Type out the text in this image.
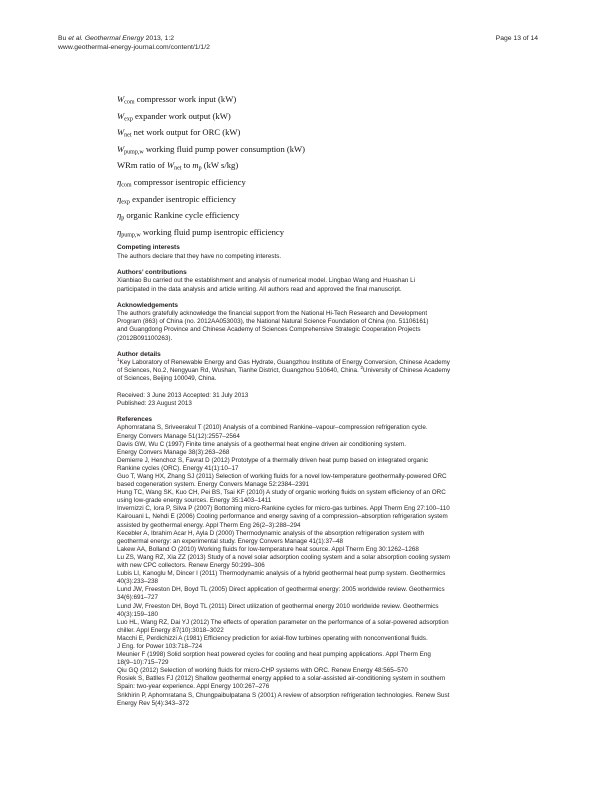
Bu et al. Geothermal Energy 2013, 1:2
www.geothermal-energy-journal.com/content/1/1/2
Page 13 of 14
$W_{com}$ compressor work input (kW)
$W_{exp}$ expander work output (kW)
$W_{net}$ net work output for ORC (kW)
$W_{pump,w}$ working fluid pump power consumption (kW)
WRm ratio of $W_{net}$ to $m_p$ (kW s/kg)
$\eta_{com}$ compressor isentropic efficiency
$\eta_{exp}$ expander isentropic efficiency
$\eta_p$ organic Rankine cycle efficiency
$\eta_{pump,w}$ working fluid pump isentropic efficiency
Competing interests

The authors declare that they have no competing interests.

Authors’ contributions

Xianbiao Bu carried out the establishment and analysis of numerical model. Lingbao Wang and Huashan Li

participated in the data analysis and article writing. All authors read and approved the final manuscript.

Acknowledgements

The authors gratefully acknowledge the financial support from the National Hi-Tech Research and Development

Program (863) of China (no. 2012AA053003), the National Natural Science Foundation of China (no. 51106161)

and Guangdong Province and Chinese Academy of Sciences Comprehensive Strategic Cooperation Projects

(2012B091100263).

Author details

$^1$Key Laboratory of Renewable Energy and Gas Hydrate, Guangzhou Institute of Energy Conversion, Chinese Academy

of Sciences, No.2, Nengyuan Rd, Wushan, Tianhe District, Guangzhou 510640, China. $^2$University of Chinese Academy

of Sciences, Beijing 100049, China.

Received: 3 June 2013 Accepted: 31 July 2013

Published: 23 August 2013

References
Aphornratana S, Sriveerakul T (2010) Analysis of a combined Rankine–vapour–compression refrigeration cycle.
Energy Convers Manage 51(12):2557–2564
Davis GW, Wu C (1997) Finite time analysis of a geothermal heat engine driven air conditioning system.
Energy Convers Manage 38(3):263–268
Demierre J, Henchoz S, Favrat D (2012) Prototype of a thermally driven heat pump based on integrated organic
Rankine cycles (ORC). Energy 41(1):10–17
Guo T, Wang HX, Zhang SJ (2011) Selection of working fluids for a novel low-temperature geothermally-powered ORC
based cogeneration system. Energy Convers Manage 52:2384–2391
Hung TC, Wang SK, Kuo CH, Pei BS, Tsai KF (2010) A study of organic working fluids on system efficiency of an ORC
using low-grade energy sources. Energy 35:1403–1411
Invernizzi C, Iora P, Silva P (2007) Bottoming micro-Rankine cycles for micro-gas turbines. Appl Therm Eng 27:100–110
Kairouani L, Nehdi E (2006) Cooling performance and energy saving of a compression–absorption refrigeration system
assisted by geothermal energy. Appl Therm Eng 26(2–3):288–294
Kecebler A, Ibrahim Acar H, Ayla D (2000) Thermodynamic analysis of the absorption refrigeration system with
geothermal energy: an experimental study. Energy Convers Manage 41(1):37–48
Lakew AA, Bolland O (2010) Working fluids for low-temperature heat source. Appl Therm Eng 30:1262–1268
Lu ZS, Wang RZ, Xia ZZ (2013) Study of a novel solar adsorption cooling system and a solar absorption cooling system
with new CPC collectors. Renew Energy 50:299–306
Lubis LI, Kanoglu M, Dincer I (2011) Thermodynamic analysis of a hybrid geothermal heat pump system. Geothermics
40(3):233–238
Lund JW, Freeston DH, Boyd TL (2005) Direct application of geothermal energy: 2005 worldwide review. Geothermics
34(6):691–727
Lund JW, Freeston DH, Boyd TL (2011) Direct utilization of geothermal energy 2010 worldwide review. Geothermics
40(3):159–180
Luo HL, Wang RZ, Dai YJ (2012) The effects of operation parameter on the performance of a solar-powered adsorption
chiller. Appl Energy 87(10):3018–3022
Macchi E, Perdichizzi A (1981) Efficiency prediction for axial-flow turbines operating with nonconventional fluids.
J Eng. for Power 103:718–724
Meunier F (1998) Solid sorption heat powered cycles for cooling and heat pumping applications. Appl Therm Eng
18(9–10):715–729
Qiu GQ (2012) Selection of working fluids for micro-CHP systems with ORC. Renew Energy 48:565–570
Rosiek S, Batlles FJ (2012) Shallow geothermal energy applied to a solar-assisted air-conditioning system in southern
Spain: two-year experience. Appl Energy 100:267–276
Srikhirin P, Aphornratana S, Chungpaibulpatana S (2001) A review of absorption refrigeration technologies. Renew Sust
Energy Rev 5(4):343–372
